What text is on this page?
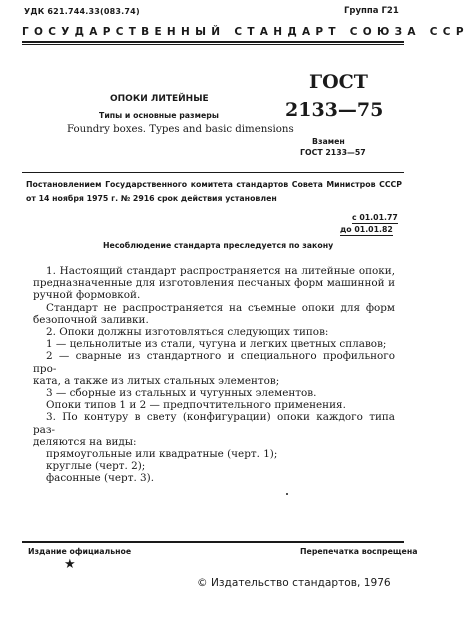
УДК 621.744.33(083.74)	Группа Г21
ГОСУДАРСТВЕННЫЙ СТАНДАРТ СОЮЗА ССР
ОПОКИ ЛИТЕЙНЫЕ
Типы и основные размеры
Foundry boxes. Types and basic dimensions
ГОСТ
2133—75
Взамен
ГОСТ 2133—57
Постановлением Государственного комитета стандартов Совета Министров СССР
от 14 ноября 1975 г. № 2916 срок действия установлен
с 01.01.77
до 01.01.82
Несоблюдение стандарта преследуется по закону

1. Настоящий стандарт распространяется на литейные опоки,

предназначенные для изготовления песчаных форм машинной и

ручной формовкой.

Стандарт не распространяется на съемные опоки для форм

безопочной заливки.

2. Опоки должны изготовляться следующих типов:

1 — цельнолитые из стали, чугуна и легких цветных сплавов;

2 — сварные из стандартного и специального профильного про-

ката, а также из литых стальных элементов;

3 — сборные из стальных и чугунных элементов.

Опоки типов 1 и 2 — предпочтительного применения.

3. По контуру в свету (конфигурации) опоки каждого типа раз-

деляются на виды:

прямоугольные или квадратные (черт. 1);

круглые (черт. 2);

фасонные (черт. 3).

Издание официальное	Перепечатка воспрещена
★
© Издательство стандартов, 1976
